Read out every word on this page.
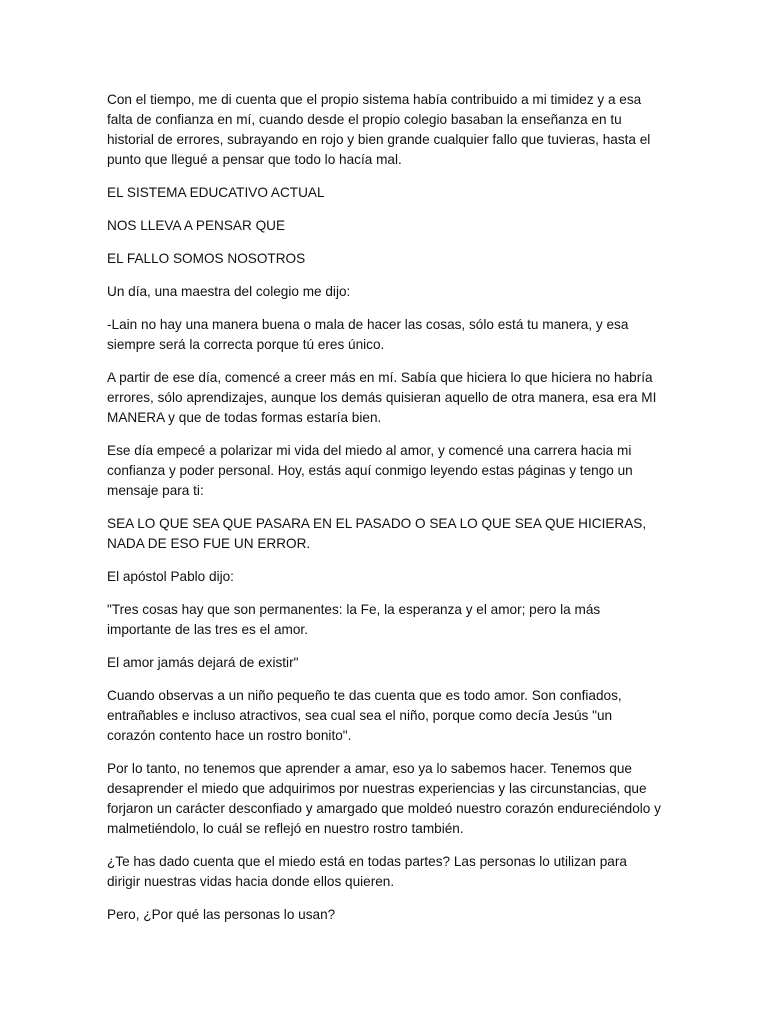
Con el tiempo, me di cuenta que el propio sistema había contribuido a mi timidez y a esa falta de confianza en mí, cuando desde el propio colegio basaban la enseñanza en tu historial de errores, subrayando en rojo y bien grande cualquier fallo que tuvieras, hasta el punto que llegué a pensar que todo lo hacía mal.

EL SISTEMA EDUCATIVO ACTUAL

NOS LLEVA A PENSAR QUE

EL FALLO SOMOS NOSOTROS

Un día, una maestra del colegio me dijo:

-Lain no hay una manera buena o mala de hacer las cosas, sólo está tu manera, y esa siempre será la correcta porque tú eres único.

A partir de ese día, comencé a creer más en mí. Sabía que hiciera lo que hiciera no habría errores, sólo aprendizajes, aunque los demás quisieran aquello de otra manera, esa era MI MANERA y que de todas formas estaría bien.

Ese día empecé a polarizar mi vida del miedo al amor, y comencé una carrera hacia mi confianza y poder personal. Hoy, estás aquí conmigo leyendo estas páginas y tengo un mensaje para ti:

SEA LO QUE SEA QUE PASARA EN EL PASADO O SEA LO QUE SEA QUE HICIERAS, NADA DE ESO FUE UN ERROR.

El apóstol Pablo dijo:

"Tres cosas hay que son permanentes: la Fe, la esperanza y el amor; pero la más importante de las tres es el amor.

El amor jamás dejará de existir"

Cuando observas a un niño pequeño te das cuenta que es todo amor. Son confiados, entrañables e incluso atractivos, sea cual sea el niño, porque como decía Jesús "un corazón contento hace un rostro bonito".

Por lo tanto, no tenemos que aprender a amar, eso ya lo sabemos hacer. Tenemos que desaprender el miedo que adquirimos por nuestras experiencias y las circunstancias, que forjaron un carácter desconfiado y amargado que moldeó nuestro corazón endureciéndolo y malmetiéndolo, lo cuál se reflejó en nuestro rostro también.

¿Te has dado cuenta que el miedo está en todas partes? Las personas lo utilizan para dirigir nuestras vidas hacia donde ellos quieren.

Pero, ¿Por qué las personas lo usan?
